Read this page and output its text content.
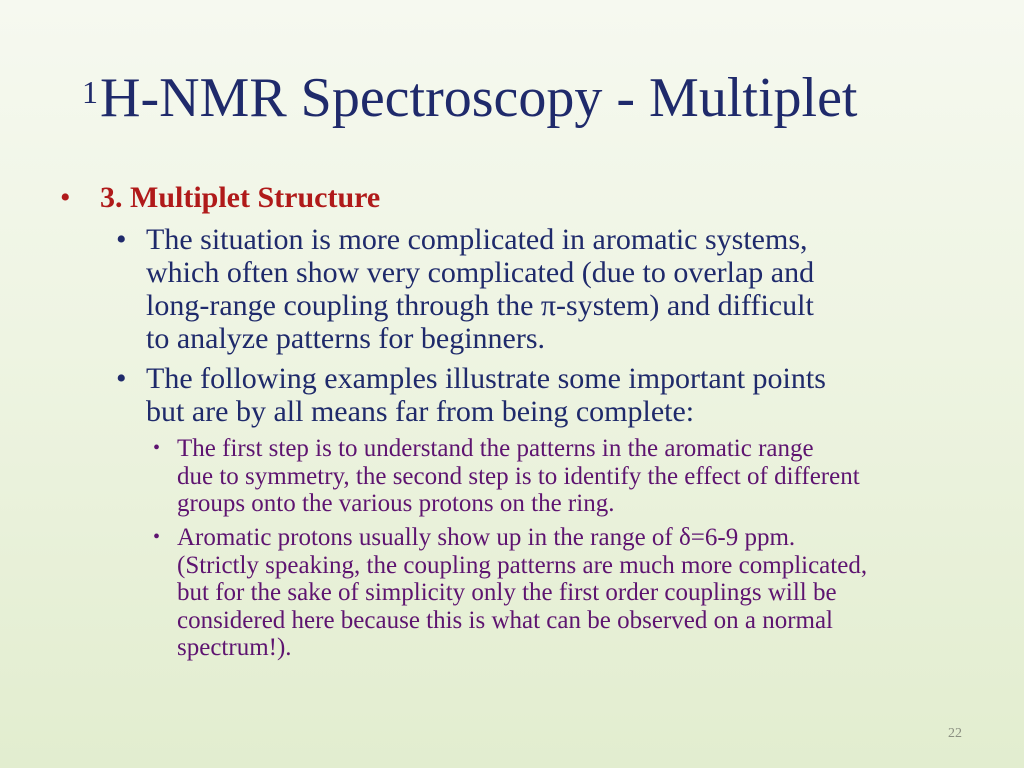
$^1$H-NMR Spectroscopy - Multiplet
• 3. Multiplet Structure
• The situation is more complicated in aromatic systems,
which often show very complicated (due to overlap and
long-range coupling through the π-system) and difficult
to analyze patterns for beginners.
• The following examples illustrate some important points
but are by all means far from being complete:
• The first step is to understand the patterns in the aromatic range
due to symmetry, the second step is to identify the effect of different
groups onto the various protons on the ring.
• Aromatic protons usually show up in the range of δ=6-9 ppm.
(Strictly speaking, the coupling patterns are much more complicated,
but for the sake of simplicity only the first order couplings will be
considered here because this is what can be observed on a normal
spectrum!).
22
